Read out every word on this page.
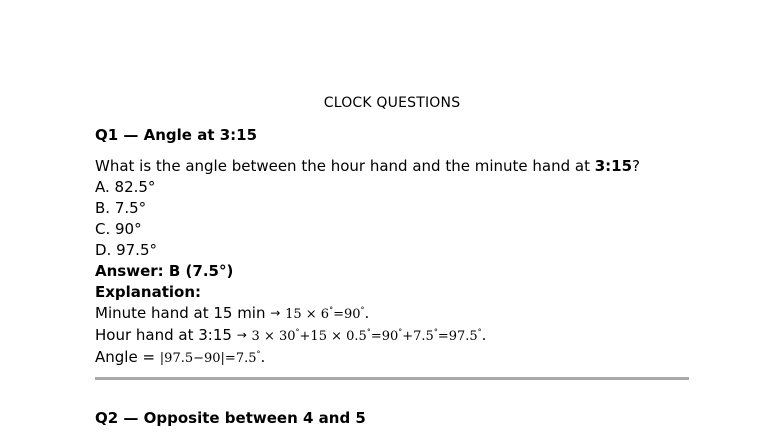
CLOCK QUESTIONS
Q1 — Angle at 3:15
What is the angle between the hour hand and the minute hand at 3:15?
A. 82.5°
B. 7.5°
C. 90°
D. 97.5°
Answer: B (7.5°)
Explanation:
Minute hand at 15 min → 15 × 6°=90°.
Hour hand at 3:15 → 3 × 30°+15 × 0.5°=90°+7.5°=97.5°.
Angle = |97.5−90|=7.5°.
Q2 — Opposite between 4 and 5
